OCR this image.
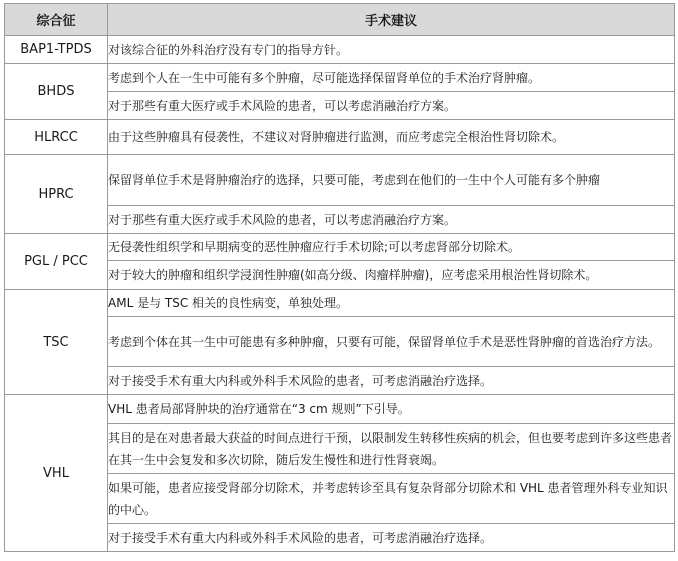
综合征	手术建议
BAP1-TPDS	对该综合征的外科治疗没有专门的指导方针。
BHDS	考虑到个人在一生中可能有多个肿瘤，尽可能选择保留肾单位的手术治疗肾肿瘤。
	对于那些有重大医疗或手术风险的患者，可以考虑消融治疗方案。
HLRCC	由于这些肿瘤具有侵袭性，不建议对肾肿瘤进行监测，而应考虑完全根治性肾切除术。
HPRC	保留肾单位手术是肾肿瘤治疗的选择，只要可能，考虑到在他们的一生中个人可能有多个肿瘤
	对于那些有重大医疗或手术风险的患者，可以考虑消融治疗方案。
PGL / PCC	无侵袭性组织学和早期病变的恶性肿瘤应行手术切除;可以考虑肾部分切除术。
	对于较大的肿瘤和组织学浸润性肿瘤(如高分级、肉瘤样肿瘤)，应考虑采用根治性肾切除术。
TSC	AML 是与 TSC 相关的良性病变，单独处理。
	考虑到个体在其一生中可能患有多种肿瘤，只要有可能，保留肾单位手术是恶性肾肿瘤的首选治疗方法。
	对于接受手术有重大内科或外科手术风险的患者，可考虑消融治疗选择。
VHL	VHL 患者局部肾肿块的治疗通常在“3 cm 规则”下引导。
	其目的是在对患者最大获益的时间点进行干预，以限制发生转移性疾病的机会，但也要考虑到许多这些患者在其一生中会复发和多次切除，随后发生慢性和进行性肾衰竭。
	如果可能，患者应接受肾部分切除术，并考虑转诊至具有复杂肾部分切除术和 VHL 患者管理外科专业知识的中心。
	对于接受手术有重大内科或外科手术风险的患者，可考虑消融治疗选择。
